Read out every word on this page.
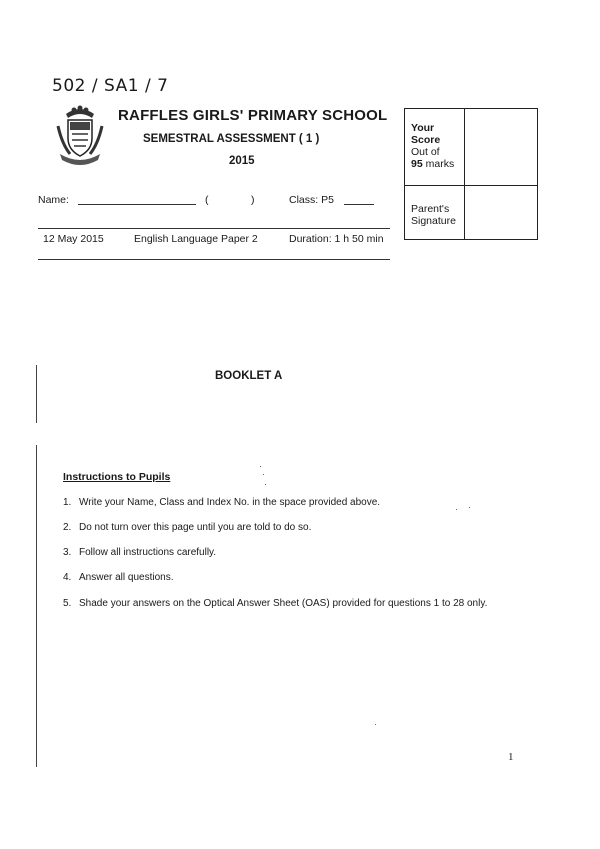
502 / SA1 / 7
RAFFLES GIRLS' PRIMARY SCHOOL
SEMESTRAL ASSESSMENT ( 1 )
2015
Name:	(	)	Class: P5
12 May 2015	English Language Paper 2	Duration: 1 h 50 min
Your
Score
Out of
95 marks
Parent's
Signature
BOOKLET A
Instructions to Pupils
1. Write your Name, Class and Index No. in the space provided above.
2. Do not turn over this page until you are told to do so.
3. Follow all instructions carefully.
4. Answer all questions.
5. Shade your answers on the Optical Answer Sheet (OAS) provided for questions 1 to 28 only.
1
